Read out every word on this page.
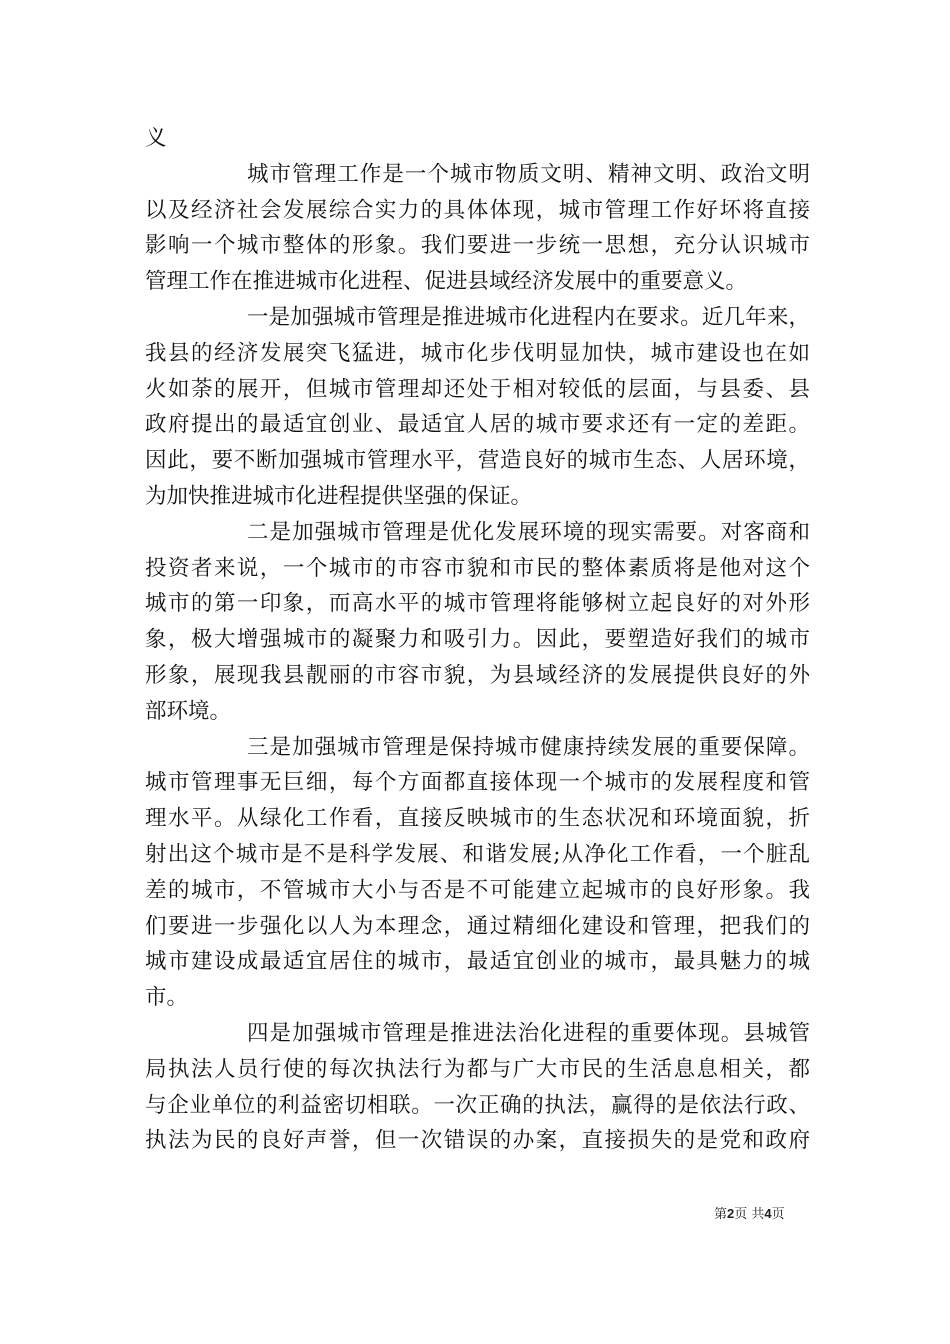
义
城市管理工作是一个城市物质文明、精神文明、政治文明
以及经济社会发展综合实力的具体体现，城市管理工作好坏将直接
影响一个城市整体的形象。我们要进一步统一思想，充分认识城市
管理工作在推进城市化进程、促进县域经济发展中的重要意义。
一是加强城市管理是推进城市化进程内在要求。近几年来，
我县的经济发展突飞猛进，城市化步伐明显加快，城市建设也在如
火如荼的展开，但城市管理却还处于相对较低的层面，与县委、县
政府提出的最适宜创业、最适宜人居的城市要求还有一定的差距。
因此，要不断加强城市管理水平，营造良好的城市生态、人居环境，
为加快推进城市化进程提供坚强的保证。
二是加强城市管理是优化发展环境的现实需要。对客商和
投资者来说，一个城市的市容市貌和市民的整体素质将是他对这个
城市的第一印象，而高水平的城市管理将能够树立起良好的对外形
象，极大增强城市的凝聚力和吸引力。因此，要塑造好我们的城市
形象，展现我县靓丽的市容市貌，为县域经济的发展提供良好的外
部环境。
三是加强城市管理是保持城市健康持续发展的重要保障。
城市管理事无巨细，每个方面都直接体现一个城市的发展程度和管
理水平。从绿化工作看，直接反映城市的生态状况和环境面貌，折
射出这个城市是不是科学发展、和谐发展;从净化工作看，一个脏乱
差的城市，不管城市大小与否是不可能建立起城市的良好形象。我
们要进一步强化以人为本理念，通过精细化建设和管理，把我们的
城市建设成最适宜居住的城市，最适宜创业的城市，最具魅力的城
市。
四是加强城市管理是推进法治化进程的重要体现。县城管
局执法人员行使的每次执法行为都与广大市民的生活息息相关，都
与企业单位的利益密切相联。一次正确的执法，赢得的是依法行政、
执法为民的良好声誉，但一次错误的办案，直接损失的是党和政府
第2页 共4页
